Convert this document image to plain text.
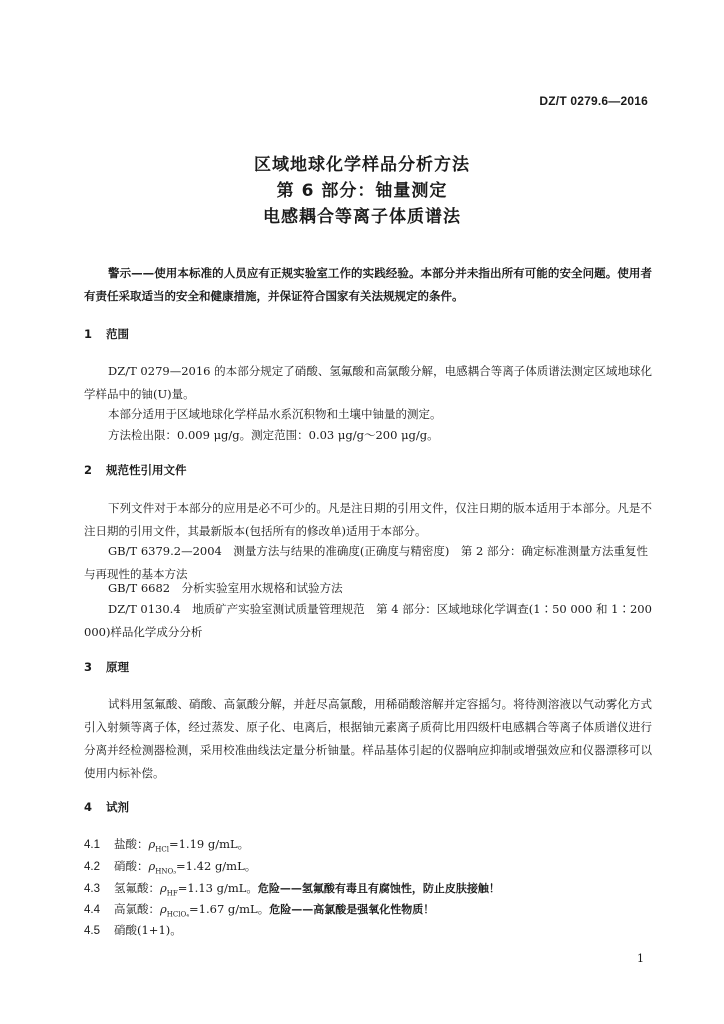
DZ/T 0279.6—2016
区域地球化学样品分析方法
第 6 部分：铀量测定
电感耦合等离子体质谱法
警示——使用本标准的人员应有正规实验室工作的实践经验。本部分并未指出所有可能的安全问题。使用者有责任采取适当的安全和健康措施，并保证符合国家有关法规规定的条件。
1 范围
DZ/T 0279—2016 的本部分规定了硝酸、氢氟酸和高氯酸分解，电感耦合等离子体质谱法测定区域地球化学样品中的铀(U)量。
本部分适用于区域地球化学样品水系沉积物和土壤中铀量的测定。
方法检出限：0.009 μg/g。测定范围：0.03 μg/g～200 μg/g。
2 规范性引用文件
下列文件对于本部分的应用是必不可少的。凡是注日期的引用文件，仅注日期的版本适用于本部分。凡是不注日期的引用文件，其最新版本(包括所有的修改单)适用于本部分。
GB/T 6379.2—2004　测量方法与结果的准确度(正确度与精密度)　第 2 部分：确定标准测量方法重复性与再现性的基本方法
GB/T 6682　分析实验室用水规格和试验方法
DZ/T 0130.4　地质矿产实验室测试质量管理规范　第 4 部分：区域地球化学调查(1∶50 000 和 1∶200 000)样品化学成分分析
3 原理
试料用氢氟酸、硝酸、高氯酸分解，并赶尽高氯酸，用稀硝酸溶解并定容摇匀。将待测溶液以气动雾化方式引入射频等离子体，经过蒸发、原子化、电离后，根据铀元素离子质荷比用四级杆电感耦合等离子体质谱仪进行分离并经检测器检测，采用校准曲线法定量分析铀量。样品基体引起的仪器响应抑制或增强效应和仪器漂移可以使用内标补偿。
4 试剂
4.1 盐酸：$\rho_{HCl}=1.19$ g/mL。
4.2 硝酸：$\rho_{HNO_3}=1.42$ g/mL。
4.3 氢氟酸：$\rho_{HF}=1.13$ g/mL。危险——氢氟酸有毒且有腐蚀性，防止皮肤接触！
4.4 高氯酸：$\rho_{HClO_4}=1.67$ g/mL。危险——高氯酸是强氧化性物质！
4.5 硝酸(1+1)。
1
